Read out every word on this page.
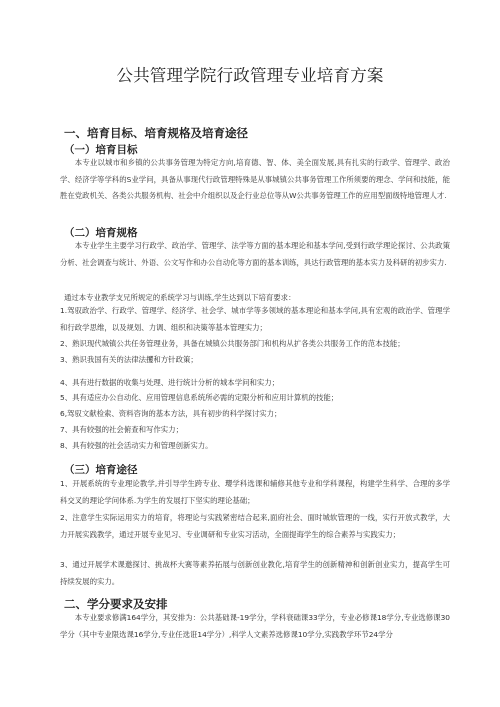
公共管理学院行政管理专业培育方案
一、培育目标、培育规格及培育途径
（一）培育目标

本专业以城市和乡镇的公共事务管理为特定方向,培育德、智、体、美全面发展,具有扎实的行政学、管理学、政治学、经济学等学科的S业学问，具备从事现代行政管理特殊是从事城镇公共事务管理工作所须要的理念、学问和技能，能胜在党政机关、各类公共服务机构、社会中介组织以及企行业总位等从W公共事务管理工作的应用型面级特地管理人才.

（二）培育规格

本专业学生主要学习行政学、政治学、管理学、法学等方面的基本理论和基本学问,受到行政学理论探讨、公共政策分析、社会调查与统计、外语、公文写作和办公自动化等方面的基本训练，具达行政管理的基本实力及科研的初步实力.

通过本专业教学支兄所规定的系统学习与训练,学生达到以下培育要求：

1.驾驭政治学、行政学、管理学、经济学、社会学、城市学等多领域的基本理论和基本学问,具有宏观的政治学、管理学和行政学思维，以及规划、力调、组织和决策等基本管理实力；

2、熟识现代城镇公共任务管理业务，具备在城镇公共服务部门和机构从扩各类公共服务工作的范本技能；

3、熟识我国有关的法律法攫和方针政策；

4、具有进行数据的收集与处理、进行统计分析的城本学问和实力；

5、具有适应办公自动化、应用管理信息系统所必需的定限分析和应用计算机的技能；

6,驾驭文献检索、资料咨询的基本方法，具有初步的科学探讨实力；

7、具有较强的社会俯查和写作实力；

8、具有较强的社会活动实力和管理创新实力。

（三）培育途径

1、开展系统的专业理论教学,并引导学生跨专业、瓔学科选课和辅修其他专业和学科课程，构建学生科学、合理的多学科交叉的理论学问体系.为学生的发展打下坚实的理论基础；

2、注意学生实际运用实力的培育，将理论与实践紧密结合起来,面府社会、面时城软管理的一线，实行开放式教学，大力开展实践教学，通过开展专业见习、专业调研和专业实习活动，全面提诲学生的综合素养与实践实力；

3、通过开展学术课邀探讨、挑战杯大赛等素养拓展与创新创业教化,培育学生的创新精神和创新创业实力，提高学生可持续发展的实力。

二、学分要求及安排

本专业要求修满164学分，其安排为：公共基础课-19学分，学科衰础课33学分，专业必修课18学分,专业选修课30学分（其中专业限选课16学分,专业任选诳14学分）,科学人文素养选修课10学分,实践教学环节24学分
